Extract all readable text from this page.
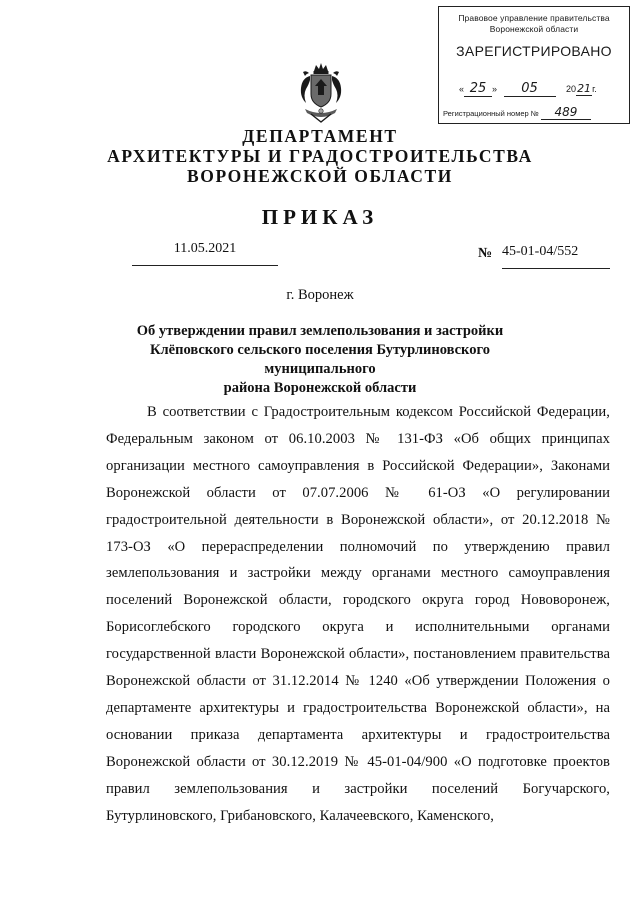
Правовое управление правительства
Воронежской области
ЗАРЕГИСТРИРОВАНО
« 25 » 05	2021г.
Регистрационный номер № 489
ДЕПАРТАМЕНТ
АРХИТЕКТУРЫ И ГРАДОСТРОИТЕЛЬСТВА
ВОРОНЕЖСКОЙ ОБЛАСТИ
ПРИКАЗ
11.05.2021	№ 45-01-04/552
г. Воронеж
Об утверждении правил землепользования и застройки
Клёповского сельского поселения Бутурлиновского муниципального
района Воронежской области
В соответствии с Градостроительным кодексом Российской Федерации, Федеральным законом от 06.10.2003 № 131-ФЗ «Об общих принципах организации местного самоуправления в Российской Федерации», Законами Воронежской области от 07.07.2006 № 61-ОЗ «О регулировании градостроительной деятельности в Воронежской области», от 20.12.2018 № 173-ОЗ «О перераспределении полномочий по утверждению правил землепользования и застройки между органами местного самоуправления поселений Воронежской области, городского округа город Нововоронеж, Борисоглебского городского округа и исполнительными органами государственной власти Воронежской области», постановлением правительства Воронежской области от 31.12.2014 № 1240 «Об утверждении Положения о департаменте архитектуры и градостроительства Воронежской области», на основании приказа департамента архитектуры и градостроительства Воронежской области от 30.12.2019 № 45-01-04/900 «О подготовке проектов правил землепользования и застройки поселений Богучарского, Бутурлиновского, Грибановского, Калачеевского, Каменского,
